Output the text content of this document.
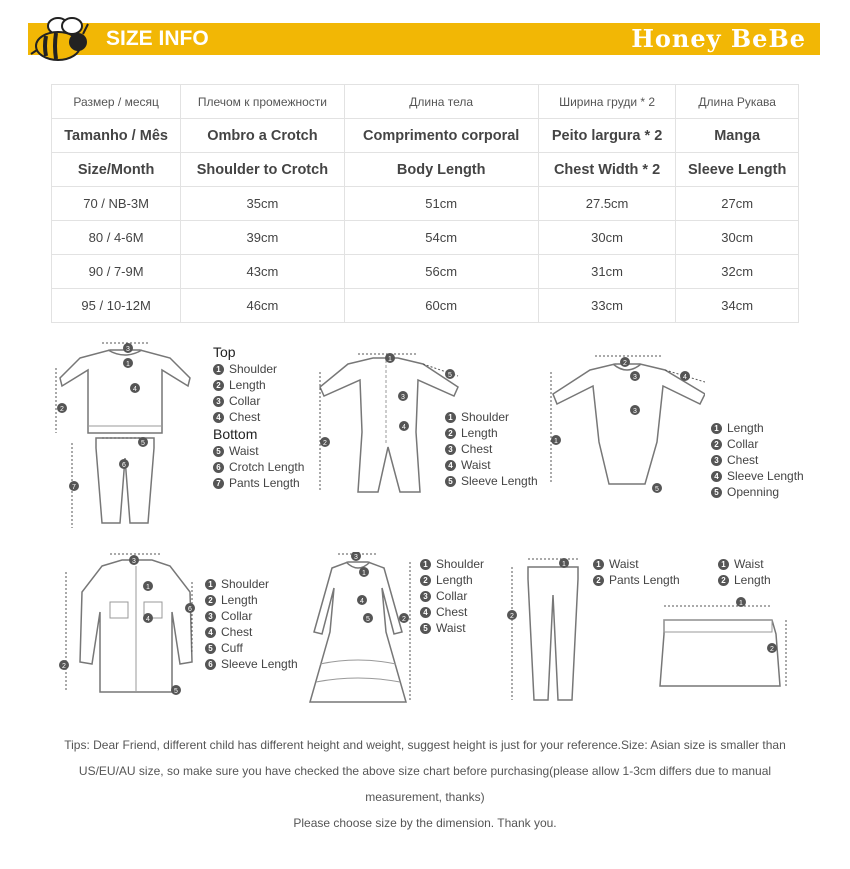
SIZE INFO	Honey BeBe
Размер / месяц	Плечом к промежности	Длина тела	Ширина груди * 2	Длина Рукава
Tamanho / Mês	Ombro a Crotch	Comprimento corporal	Peito largura * 2	Manga
Size/Month	Shoulder to Crotch	Body Length	Chest Width * 2	Sleeve Length
70 / NB-3M	35cm	51cm	27.5cm	27cm
80 / 4-6M	39cm	54cm	30cm	30cm
90 / 7-9M	43cm	56cm	31cm	32cm
95 / 10-12M	46cm	60cm	33cm	34cm
3
1
4
2
5
6
7
Top
1 Shoulder
2 Length
3 Collar
4 Chest
Bottom
5 Waist
6 Crotch Length
7 Pants Length
1
5
3
4
2
1 Shoulder
2 Length
3 Chest
4 Waist
5 Sleeve Length
2
3	4
3
1
5
1 Length
2 Collar
3 Chest
4 Sleeve Length
5 Openning
3
1
4
6
2
5
1 Shoulder
2 Length
3 Collar
4 Chest
5 Cuff
6 Sleeve Length
3
1
4
5	2
1 Shoulder
2 Length
3 Collar
4 Chest
5 Waist
1
2
1 Waist
2 Pants Length
1
2
1 Waist
2 Length
Tips: Dear Friend, different child has different height and weight, suggest height is just for your reference.Size: Asian size is smaller than
US/EU/AU size, so make sure you have checked the above size chart before purchasing(please allow 1-3cm differs due to manual
measurement, thanks)
Please choose size by the dimension. Thank you.
